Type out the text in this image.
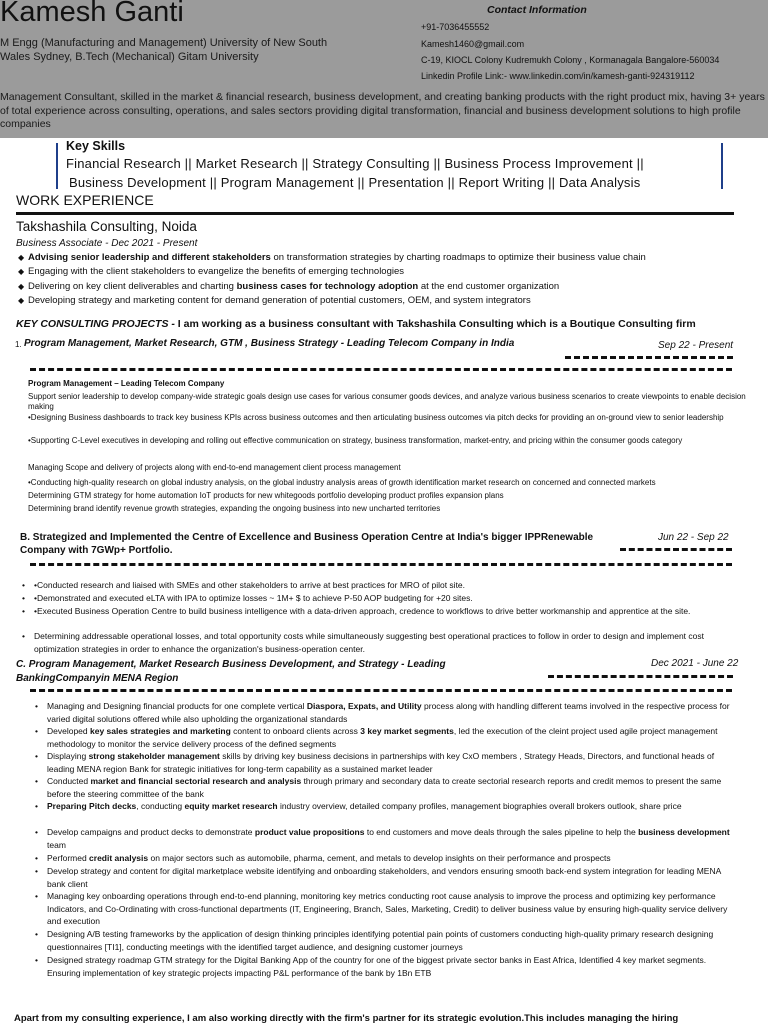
Kamesh Ganti
M Engg (Manufacturing and Management) University of New South Wales Sydney, B.Tech (Mechanical) Gitam University
Contact Information
+91-7036455552
Kamesh1460@gmail.com
C-19, KIOCL Colony Kudremukh Colony , Kormanagala Bangalore-560034
Linkedin Profile Link:- www.linkedin.com/in/kamesh-ganti-924319112
Management Consultant, skilled in the market & financial research, business development, and creating banking products with the right product mix, having 3+ years of total experience across consulting, operations, and sales sectors providing digital transformation, financial and business development solutions to high profile companies
Key Skills
Financial Research || Market Research || Strategy Consulting || Business Process Improvement ||
Business Development || Program Management || Presentation || Report Writing || Data Analysis
WORK EXPERIENCE
Takshashila Consulting, Noida
Business Associate - Dec 2021 - Present
◆ Advising senior leadership and different stakeholders on transformation strategies by charting roadmaps to optimize their business value chain
◆ Engaging with the client stakeholders to evangelize the benefits of emerging technologies
◆ Delivering on key client deliverables and charting business cases for technology adoption at the end customer organization
◆ Developing strategy and marketing content for demand generation of potential customers, OEM, and system integrators
KEY CONSULTING PROJECTS - I am working as a business consultant with Takshashila Consulting which is a Boutique Consulting firm
1. Program Management, Market Research, GTM , Business Strategy - Leading Telecom Company in India	Sep 22 - Present
Program Management – Leading Telecom Company
Support senior leadership to develop company-wide strategic goals design use cases for various consumer goods devices, and analyze various business scenarios to create viewpoints to enable decision making
•Designing Business dashboards to track key business KPIs across business outcomes and then articulating business outcomes via pitch decks for providing an on-ground view to senior leadership
•Supporting C-Level executives in developing and rolling out effective communication on strategy, business transformation, market-entry, and pricing within the consumer goods category
Managing Scope and delivery of projects along with end-to-end management client process management
•Conducting high-quality research on global industry analysis, on the global industry analysis areas of growth identification market research on concerned and connected markets
Determining GTM strategy for home automation IoT products for new whitegoods portfolio developing product profiles expansion plans
Determining brand identify revenue growth strategies, expanding the ongoing business into new uncharted territories
B. Strategized and Implemented the Centre of Excellence and Business Operation Centre at India's bigger IPPRenewable Company with 7GWp+ Portfolio.
Jun 22 - Sep 22
• •Conducted research and liaised with SMEs and other stakeholders to arrive at best practices for MRO of pilot site.
• •Demonstrated and executed eLTA with IPA to optimize losses ~ 1M+ $ to achieve P-50 AOP budgeting for +20 sites.
• •Executed Business Operation Centre to build business intelligence with a data-driven approach, credence to workflows to drive better workmanship and apprentice at the site.
• Determining addressable operational losses, and total opportunity costs while simultaneously suggesting best operational practices to follow in order to design and implement cost optimization strategies in order to enhance the organization's business-operation center.
C. Program Management, Market Research Business Development, and Strategy - Leading BankingCompanyin MENA Region
Dec 2021 - June 22
• Managing and Designing financial products for one complete vertical Diaspora, Expats, and Utility process along with handling different teams involved in the respective process for varied digital solutions offered while also upholding the organizational standards
• Developed key sales strategies and marketing content to onboard clients across 3 key market segments, led the execution of the cleint project used agile project management methodology to monitor the service delivery process of the defined segments
• Displaying strong stakeholder management skills by driving key business decisions in partnerships with key CxO members , Strategy Heads, Directors, and functional heads of leading MENA region Bank for strategic initiatives for long-term capability as a sustained market leader
• Conducted market and financial sectorial research and analysis through primary and secondary data to create sectorial research reports and credit memos to present the same before the steering committee of the bank
• Preparing Pitch decks, conducting equity market research industry overview, detailed company profiles, management biographies overall brokers outlook, share price
• Develop campaigns and product decks to demonstrate product value propositions to end customers and move deals through the sales pipeline to help the business development team
• Performed credit analysis on major sectors such as automobile, pharma, cement, and metals to develop insights on their performance and prospects
• Develop strategy and content for digital marketplace website identifying and onboarding stakeholders, and vendors ensuring smooth back-end system integration for leading MENA bank client
• Managing key onboarding operations through end-to-end planning, monitoring key metrics conducting root cause analysis to improve the process and optimizing key performance Indicators, and Co-Ordinating with cross-functional departments (IT, Engineering, Branch, Sales, Marketing, Credit) to deliver business value by ensuring high-quality service delivery and execution
• Designing A/B testing frameworks by the application of design thinking principles identifying potential pain points of customers conducting high-quality primary research designing questionnaires [TI1], conducting meetings with the identified target audience, and designing customer journeys
• Designed strategy roadmap GTM strategy for the Digital Banking App of the country for one of the biggest private sector banks in East Africa, Identified 4 key market segments. Ensuring implementation of key strategic projects impacting P&L performance of the bank by 1Bn ETB
Apart from my consulting experience, I am also working directly with the firm's partner for its strategic evolution.This includes managing the hiring
